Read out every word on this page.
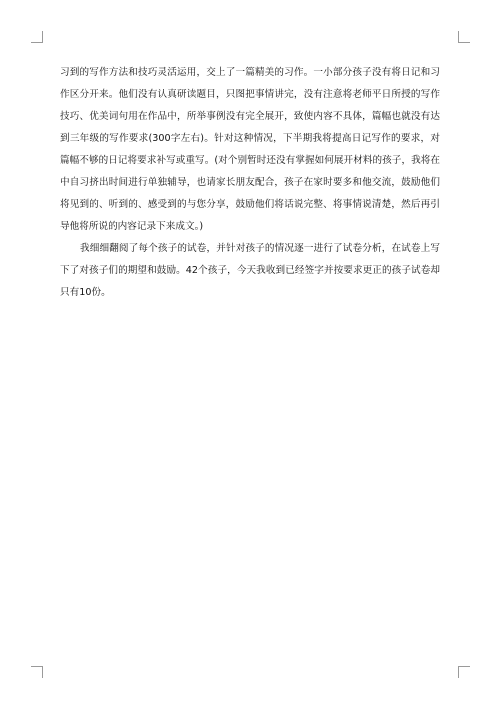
习到的写作方法和技巧灵活运用，交上了一篇精美的习作。一小部分孩子没有将日记和习作区分开来。他们没有认真研读题目，只图把事情讲完，没有注意将老师平日所授的写作技巧、优美词句用在作品中，所举事例没有完全展开，致使内容不具体，篇幅也就没有达到三年级的写作要求(300字左右)。针对这种情况，下半期我将提高日记写作的要求，对篇幅不够的日记将要求补写或重写。(对个别暂时还没有掌握如何展开材料的孩子，我将在中自习挤出时间进行单独辅导，也请家长朋友配合，孩子在家时要多和他交流，鼓励他们将见到的、听到的、感受到的与您分享，鼓励他们将话说完整、将事情说清楚，然后再引导他将所说的内容记录下来成文。)

我细细翻阅了每个孩子的试卷，并针对孩子的情况逐一进行了试卷分析，在试卷上写下了对孩子们的期望和鼓励。42个孩子，今天我收到已经签字并按要求更正的孩子试卷却只有10份。
